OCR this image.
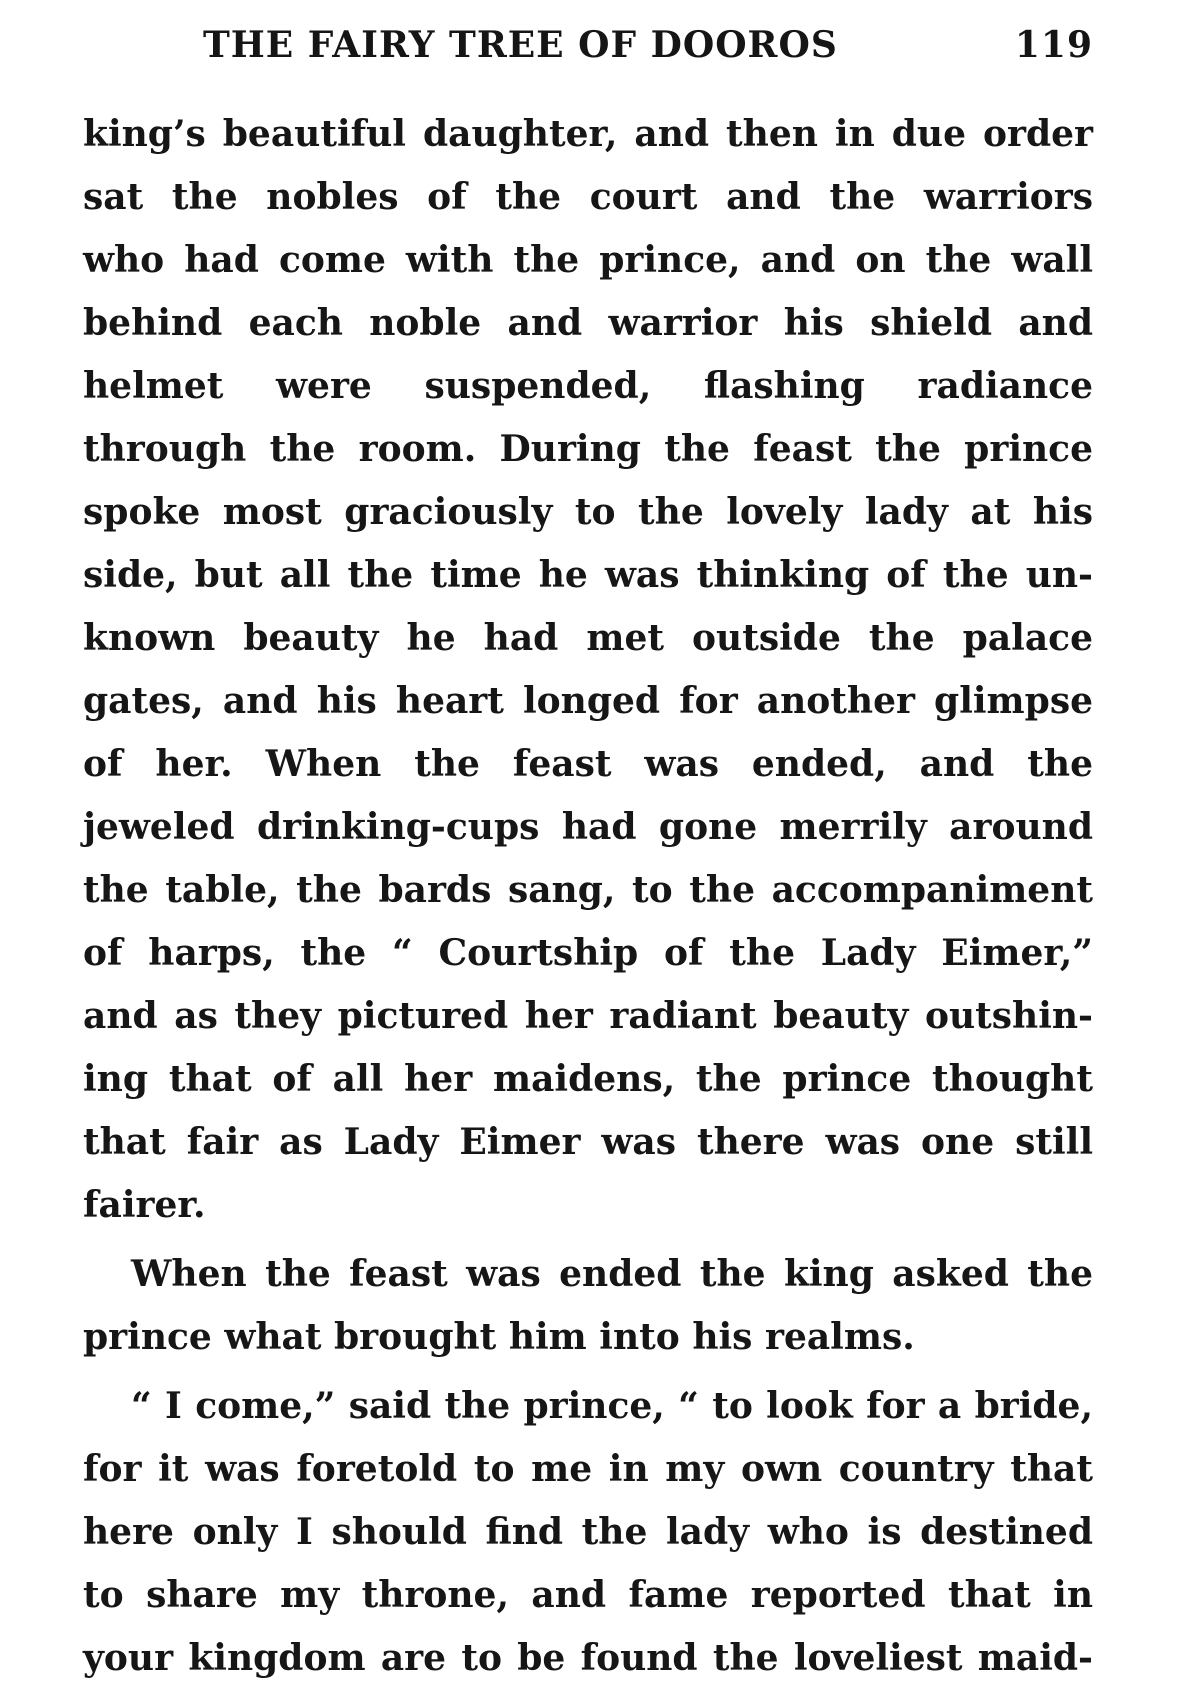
THE FAIRY TREE OF DOOROS	119
king’s beautiful daughter, and then in due order
sat the nobles of the court and the warriors
who had come with the prince, and on the wall
behind each noble and warrior his shield and
helmet were suspended, flashing radiance
through the room. During the feast the prince
spoke most graciously to the lovely lady at his
side, but all the time he was thinking of the un-
known beauty he had met outside the palace
gates, and his heart longed for another glimpse
of her. When the feast was ended, and the
jeweled drinking-cups had gone merrily around
the table, the bards sang, to the accompaniment
of harps, the “ Courtship of the Lady Eimer,”
and as they pictured her radiant beauty outshin-
ing that of all her maidens, the prince thought
that fair as Lady Eimer was there was one still
fairer.
When the feast was ended the king asked the
prince what brought him into his realms.
“ I come,” said the prince, “ to look for a bride,
for it was foretold to me in my own country that
here only I should find the lady who is destined
to share my throne, and fame reported that in
your kingdom are to be found the loveliest maid-
